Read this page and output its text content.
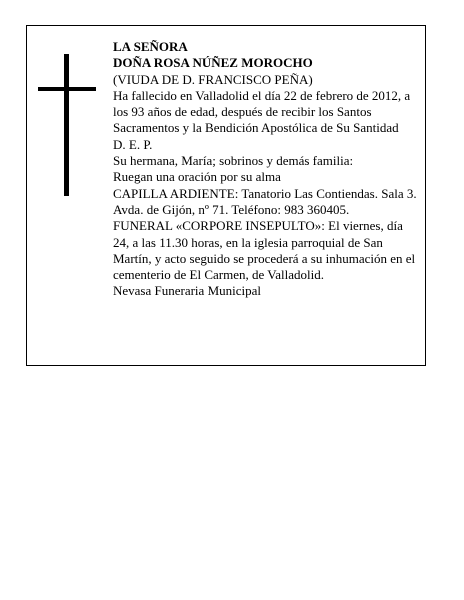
LA SEÑORA

DOÑA ROSA NÚÑEZ MOROCHO

(VIUDA DE D. FRANCISCO PEÑA)

Ha fallecido en Valladolid el día 22 de febrero de 2012, a los 93 años de edad, después de recibir los Santos Sacramentos y la Bendición Apostólica de Su Santidad

D. E. P.

Su hermana, María; sobrinos y demás familia:

Ruegan una oración por su alma

CAPILLA ARDIENTE: Tanatorio Las Contiendas. Sala 3. Avda. de Gijón, nº 71. Teléfono: 983 360405.

FUNERAL «CORPORE INSEPULTO»: El viernes, día 24, a las 11.30 horas, en la iglesia parroquial de San Martín, y acto seguido se procederá a su inhumación en el cementerio de El Carmen, de Valladolid.

Nevasa Funeraria Municipal
